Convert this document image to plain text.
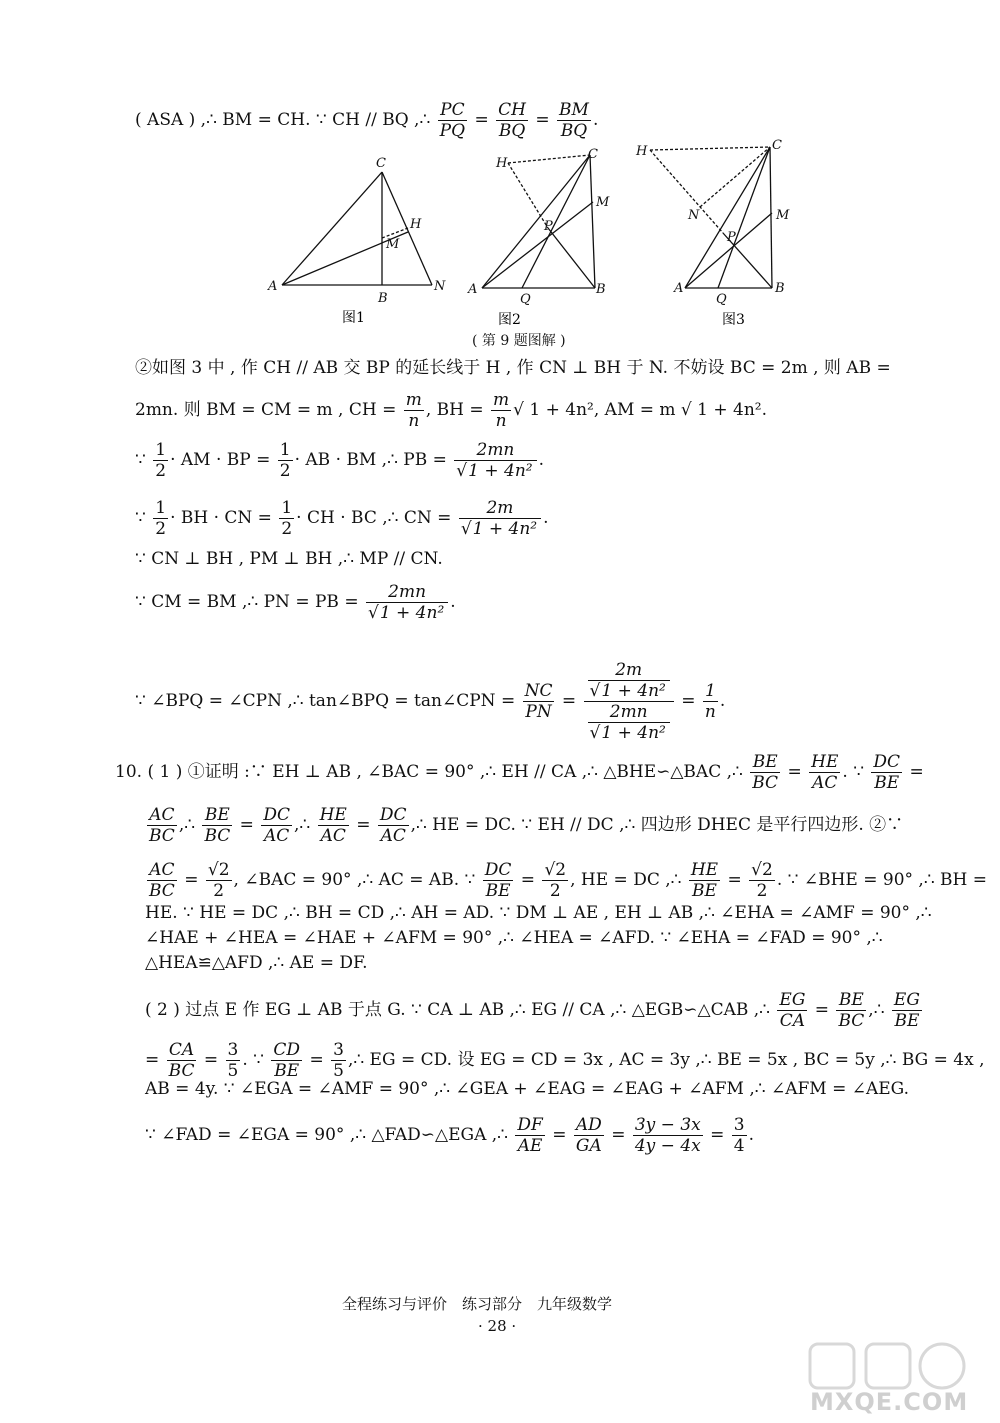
( ASA ) ,∴ BM = CH. ∵ CH // BQ ,∴ $\frac{PC}{PQ} = \frac{CH}{BQ} = \frac{BM}{BQ}$ .
C
A
B
N
H
M
图1
H
C
M
P
A
Q
B
图2
H	C
N	M
P
A
Q
B
图3
( 第 9 题图解 )
②如图 3 中 , 作 CH // AB 交 BP 的延长线于 H , 作 CN ⊥ BH 于 N. 不妨设 BC = 2m , 则 AB =
2mn. 则 BM = CM = m , CH = $\frac{m}{n}$ , BH = $\frac{m}{n}$ √ 1 + 4n², AM = m √ 1 + 4n².
∵ $\frac{1}{2}$ · AM · BP = $\frac{1}{2}$ · AB · BM ,∴ PB = $\frac{2mn}{\text{√1 + 4n²}}$ .
∵ $\frac{1}{2}$ · BH · CN = $\frac{1}{2}$ · CH · BC ,∴ CN = $\frac{2m}{\text{√1 + 4n²}}$ .
∵ CN ⊥ BH , PM ⊥ BH ,∴ MP // CN.
∵ CM = BM ,∴ PN = PB = $\frac{2mn}{\text{√1 + 4n²}}$ .
∵ ∠BPQ = ∠CPN ,∴ tan∠BPQ = tan∠CPN = $\frac{NC}{PN} = \frac{\frac{2m}{\text{√1 + 4n²}}}{\frac{2mn}{\text{√1 + 4n²}}} = \frac{1}{n}$ .
10. ( 1 ) ①证明 :∵ EH ⊥ AB , ∠BAC = 90° ,∴ EH // CA ,∴ △BHE∽△BAC ,∴ $\frac{BE}{BC} = \frac{HE}{AC}$ . ∵ $\frac{DC}{BE}$ =
$\frac{AC}{BC}$ ,∴ $\frac{BE}{BC} = \frac{DC}{AC}$ ,∴ $\frac{HE}{AC} = \frac{DC}{AC}$ ,∴ HE = DC. ∵ EH // DC ,∴ 四边形 DHEC 是平行四边形. ②∵
$\frac{AC}{BC} = \frac{√2}{2}$ , ∠BAC = 90° ,∴ AC = AB. ∵ $\frac{DC}{BE} = \frac{√2}{2}$ , HE = DC ,∴ $\frac{HE}{BE} = \frac{√2}{2}$ . ∵ ∠BHE = 90° ,∴ BH =
HE. ∵ HE = DC ,∴ BH = CD ,∴ AH = AD. ∵ DM ⊥ AE , EH ⊥ AB ,∴ ∠EHA = ∠AMF = 90° ,∴
∠HAE + ∠HEA = ∠HAE + ∠AFM = 90° ,∴ ∠HEA = ∠AFD. ∵ ∠EHA = ∠FAD = 90° ,∴
△HEA≌△AFD ,∴ AE = DF.
( 2 ) 过点 E 作 EG ⊥ AB 于点 G. ∵ CA ⊥ AB ,∴ EG // CA ,∴ △EGB∽△CAB ,∴ $\frac{EG}{CA} = \frac{BE}{BC}$ ,∴ $\frac{EG}{BE}$
= $\frac{CA}{BC} = \frac{3}{5}$ . ∵ $\frac{CD}{BE} = \frac{3}{5}$ ,∴ EG = CD. 设 EG = CD = 3x , AC = 3y ,∴ BE = 5x , BC = 5y ,∴ BG = 4x ,
AB = 4y. ∵ ∠EGA = ∠AMF = 90° ,∴ ∠GEA + ∠EAG = ∠EAG + ∠AFM ,∴ ∠AFM = ∠AEG.
∵ ∠FAD = ∠EGA = 90° ,∴ △FAD∽△EGA ,∴ $\frac{DF}{AE} = \frac{AD}{GA} = \frac{3y - 3x}{4y - 4x} = \frac{3}{4}$ .
全程练习与评价　练习部分　九年级数学
· 28 ·
MXQE.COM
